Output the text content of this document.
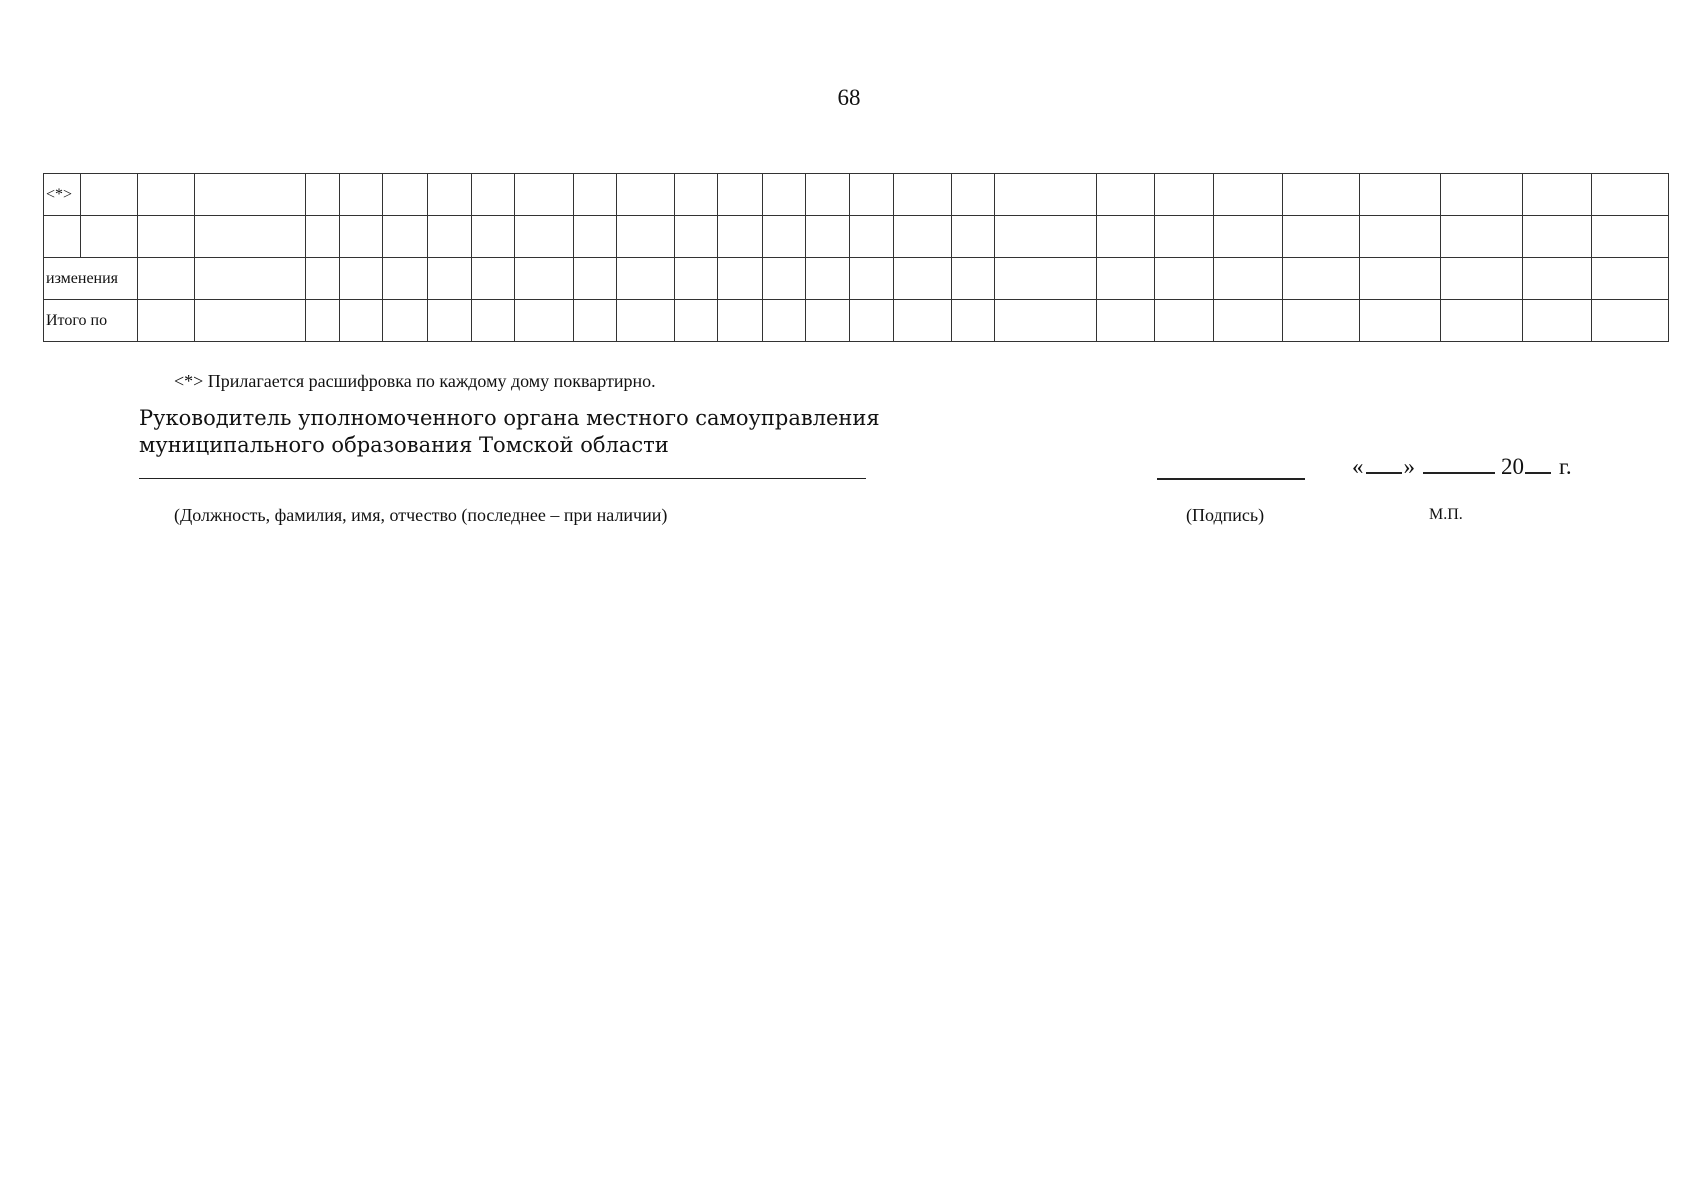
68
<*>																											

изменения																											
Итого по																											
<*> Прилагается расшифровка по каждому дому поквартирно.
Руководитель уполномоченного органа местного самоуправления
муниципального образования Томской области
« »	20 г.
(Должность, фамилия, имя, отчество (последнее – при наличии)	(Подпись)	М.П.
